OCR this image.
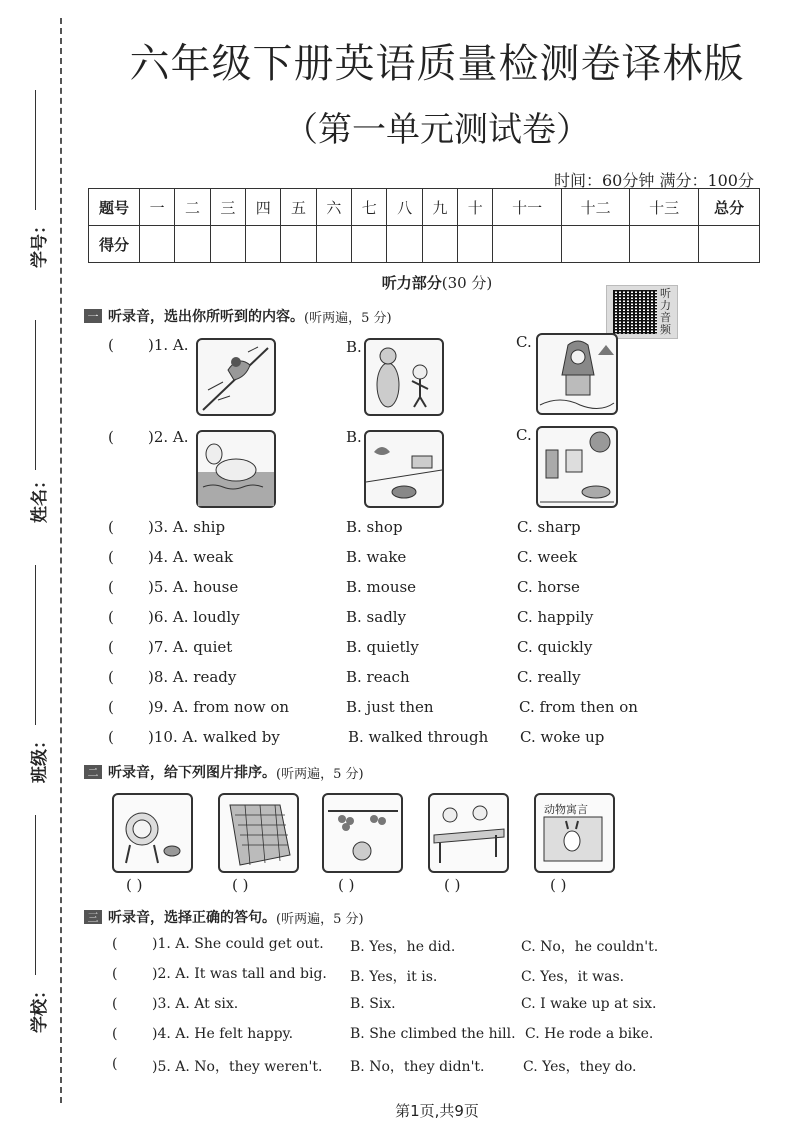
学号：
姓名：
班级：
学校：
六年级下册英语质量检测卷译林版
（第一单元测试卷）
时间：60分钟 满分：100分
题号	一	二	三	四	五	六	七	八	九	十	十一	十二	十三	总分
得分														
听力部分(30 分)
听力音频
一 听录音，选出你所听到的内容。 (听两遍，5 分)
( )1. A.	B.	C.
( )2. A.	B.	C.
( )3. A. ship	B. shop	C. sharp
( )4. A. weak	B. wake	C. week
( )5. A. house	B. mouse	C. horse
( )6. A. loudly	B. sadly	C. happily
( )7. A. quiet	B. quietly	C. quickly
( )8. A. ready	B. reach	C. really
( )9. A. from now on	B. just then	C. from then on
( )10. A. walked by	B. walked through C. woke up
二 听录音，给下列图片排序。 (听两遍，5 分)
动物寓言
( )	( )	( )	( )	( )
三 听录音，选择正确的答句。 (听两遍，5 分)
( )1. A. She could get out. B. Yes，he did.	C. No，he couldn't.
( )2. A. It was tall and big. B. Yes，it is.	C. Yes，it was.
( )3. A. At six.	B. Six.	C. I wake up at six.
( )4. A. He felt happy.	B. She climbed the hill. C. He rode a bike.
( )5. A. No，they weren't. B. No，they didn't.	C. Yes，they do.
第1页,共9页
